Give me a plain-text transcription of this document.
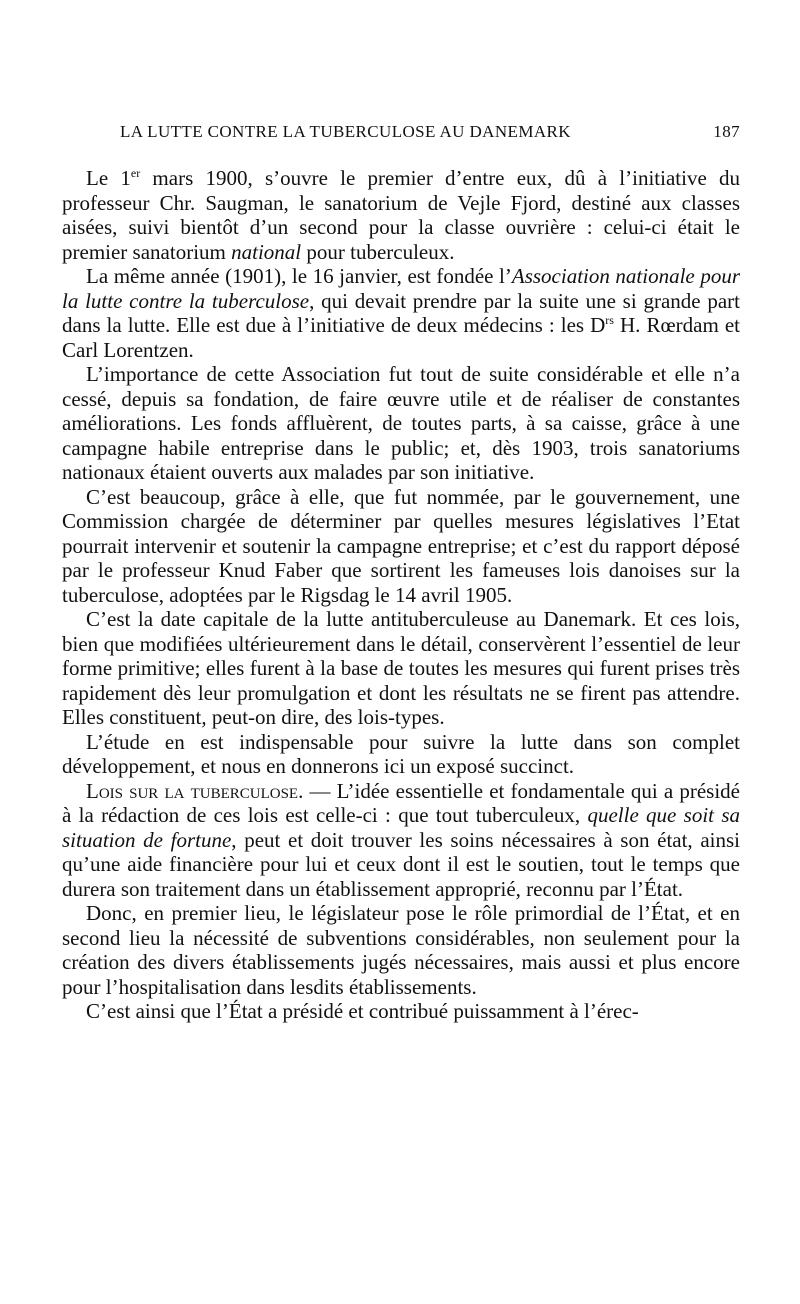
LA LUTTE CONTRE LA TUBERCULOSE AU DANEMARK	187

Le 1er mars 1900, s’ouvre le premier d’entre eux, dû à l’initiative du professeur Chr. Saugman, le sanatorium de Vejle Fjord, destiné aux classes aisées, suivi bientôt d’un second pour la classe ouvrière : celui-ci était le premier sanatorium national pour tuberculeux.

La même année (1901), le 16 janvier, est fondée l’Association nationale pour la lutte contre la tuberculose, qui devait prendre par la suite une si grande part dans la lutte. Elle est due à l’initiative de deux médecins : les $D^{rs}$ H. Rœrdam et Carl Lorentzen.

L’importance de cette Association fut tout de suite considérable et elle n’a cessé, depuis sa fondation, de faire œuvre utile et de réaliser de constantes améliorations. Les fonds affluèrent, de toutes parts, à sa caisse, grâce à une campagne habile entreprise dans le public; et, dès 1903, trois sanatoriums nationaux étaient ouverts aux malades par son initiative.

C’est beaucoup, grâce à elle, que fut nommée, par le gouvernement, une Commission chargée de déterminer par quelles mesures législatives l’Etat pourrait intervenir et soutenir la campagne entreprise; et c’est du rapport déposé par le professeur Knud Faber que sortirent les fameuses lois danoises sur la tuberculose, adoptées par le Rigsdag le 14 avril 1905.

C’est la date capitale de la lutte antituberculeuse au Danemark. Et ces lois, bien que modifiées ultérieurement dans le détail, conservèrent l’essentiel de leur forme primitive; elles furent à la base de toutes les mesures qui furent prises très rapidement dès leur promulgation et dont les résultats ne se firent pas attendre. Elles constituent, peut-on dire, des lois-types.

L’étude en est indispensable pour suivre la lutte dans son complet développement, et nous en donnerons ici un exposé succinct.

Lois sur la tuberculose. — L’idée essentielle et fondamentale qui a présidé à la rédaction de ces lois est celle-ci : que tout tuberculeux, quelle que soit sa situation de fortune, peut et doit trouver les soins nécessaires à son état, ainsi qu’une aide financière pour lui et ceux dont il est le soutien, tout le temps que durera son traitement dans un établissement approprié, reconnu par l’État.

Donc, en premier lieu, le législateur pose le rôle primordial de l’État, et en second lieu la nécessité de subventions considérables, non seulement pour la création des divers établissements jugés nécessaires, mais aussi et plus encore pour l’hospitalisation dans lesdits établissements.

C’est ainsi que l’État a présidé et contribué puissamment à l’érec-
